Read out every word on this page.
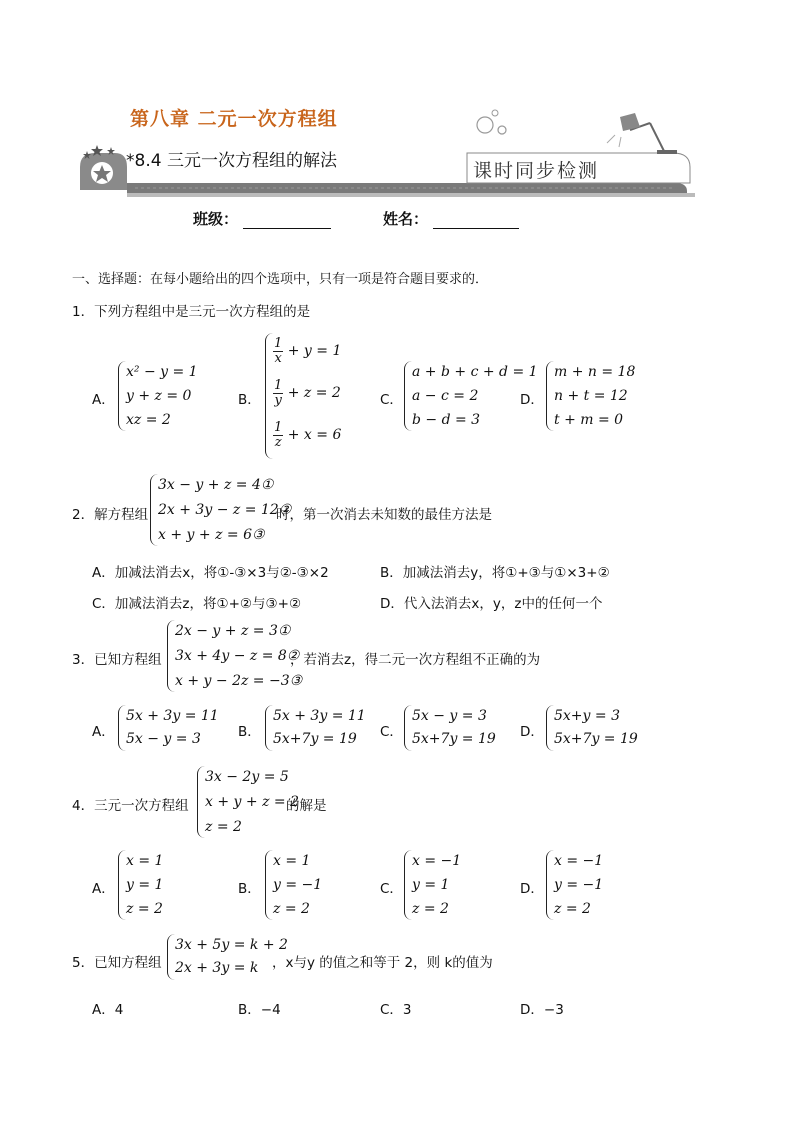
第八章 二元一次方程组
*8.4 三元一次方程组的解法	课时同步检测
班级：	姓名：
一、选择题：在每小题给出的四个选项中，只有一项是符合题目要求的．
1．下列方程组中是三元一次方程组的是
A．
x² − y = 1
y + z = 0
xz = 2
B．
$\frac{1}{x} + y = 1$
$\frac{1}{y} + z = 2$
$\frac{1}{z} + x = 6$
C．
a + b + c + d = 1
a − c = 2
b − d = 3
D．
m + n = 18
n + t = 12
t + m = 0
2．解方程组
3x − y + z = 4①
2x + 3y − z = 12②
x + y + z = 6③
时，第一次消去未知数的最佳方法是
A．加减法消去x，将①-③×3与②-③×2	B．加减法消去y，将①+③与①×3+②
C．加减法消去z，将①+②与③+②	D．代入法消去x，y，z中的任何一个
3．已知方程组
2x − y + z = 3①
3x + 4y − z = 8②
x + y − 2z = −3③
，若消去z，得二元一次方程组不正确的为
A．
5x + 3y = 11
5x − y = 3	B．
5x + 3y = 11
5x+7y = 19 C．
5x − y = 3
5x+7y = 19 D．
5x+y = 3
5x+7y = 19
4．三元一次方程组
3x − 2y = 5
x + y + z = 2
z = 2
的解是
A．
x = 1
y = 1
z = 2
B．
x = 1
y = −1
z = 2
C．
x = −1
y = 1
z = 2
D．
x = −1
y = −1
z = 2
5．已知方程组
3x + 5y = k + 2
2x + 3y = k ，x与y 的值之和等于 2，则 k的值为
A．4	B．−4	C．3	D．−3
